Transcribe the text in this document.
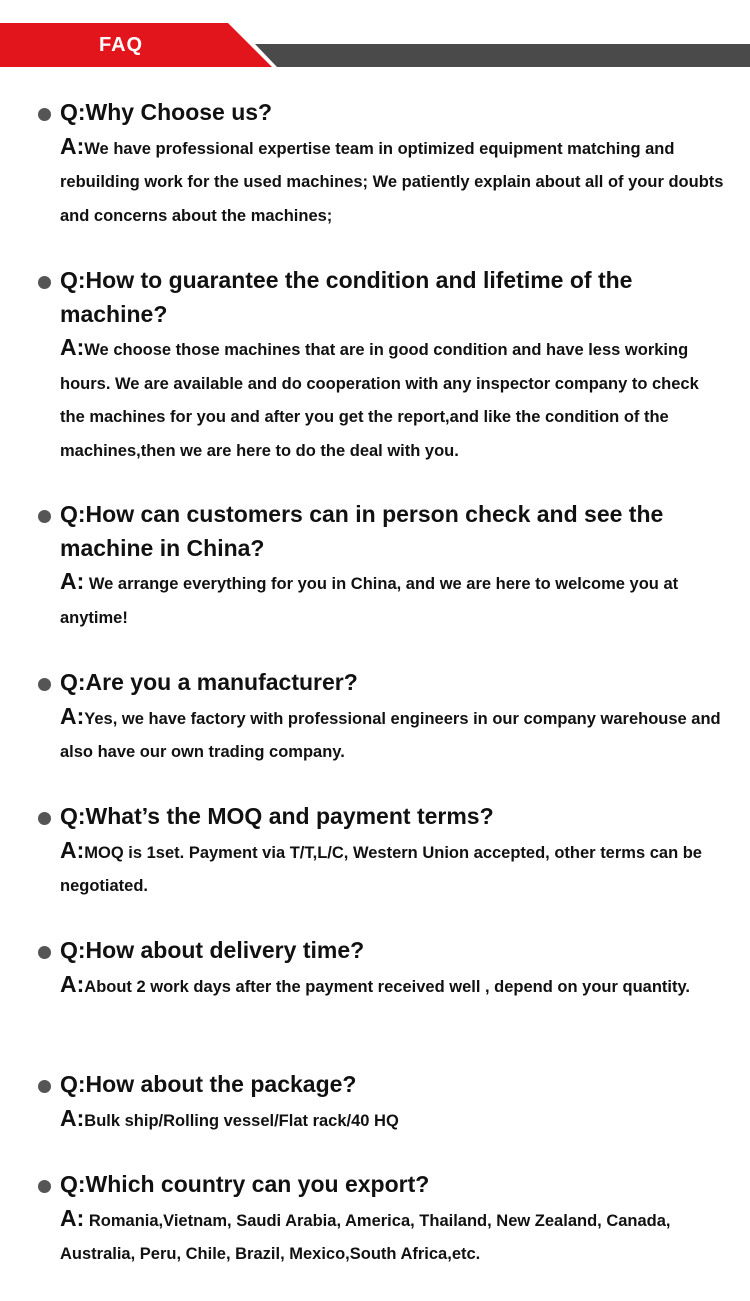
FAQ
Q:Why Choose us?
A:We have professional expertise team in optimized equipment matching and rebuilding work for the used machines; We patiently explain about all of your doubts and concerns about the machines;
Q:How to guarantee the condition and lifetime of the machine?
A:We choose those machines that are in good condition and have less working hours. We are available and do cooperation with any inspector company to check the machines for you and after you get the report,and like the condition of the machines,then we are here to do the deal with you.
Q:How can customers can in person check and see the machine in China?
A: We arrange everything for you in China, and we are here to welcome you at anytime!
Q:Are you a manufacturer?
A:Yes, we have factory with professional engineers in our company warehouse and also have our own trading company.
Q:What’s the MOQ and payment terms?
A:MOQ is 1set. Payment via T/T,L/C, Western Union accepted, other terms can be negotiated.
Q:How about delivery time?
A:About 2 work days after the payment received well , depend on your quantity.
Q:How about the package?
A:Bulk ship/Rolling vessel/Flat rack/40 HQ
Q:Which country can you export?
A: Romania,Vietnam, Saudi Arabia, America, Thailand, New Zealand, Canada, Australia, Peru, Chile, Brazil, Mexico,South Africa,etc.
